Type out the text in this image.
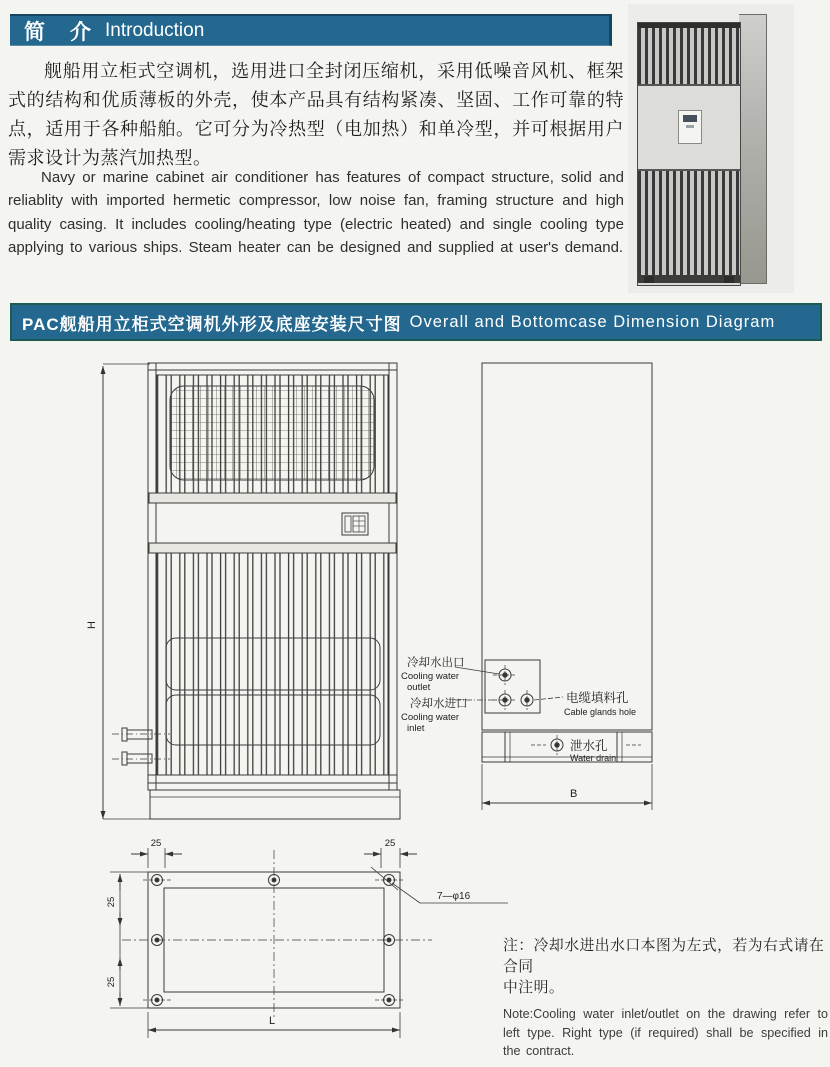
简　介 Introduction
舰船用立柜式空调机，选用进口全封闭压缩机，采用低噪音风机、框架式的结构和优质薄板的外壳，使本产品具有结构紧凑、坚固、工作可靠的特点，适用于各种船舶。它可分为冷热型（电加热）和单冷型，并可根据用户需求设计为蒸汽加热型。
Navy or marine cabinet air conditioner has features of compact structure, solid and reliablity with imported hermetic compressor, low noise fan, framing structure and high quality casing. It includes cooling/heating type (electric heated) and single cooling type applying to various ships. Steam heater can be designed and supplied at user's demand.
PAC舰船用立柜式空调机外形及底座安装尺寸图 Overall and Bottomcase Dimension Diagram
H
B
冷却水出口
Cooling water
outlet
冷却水进口
Cooling water
inlet
电缆填料孔
Cable glands hole
泄水孔
Water drain
25	25
25
25
L
7—φ16
注：冷却水进出水口本图为左式，若为右式请在合同
中注明。
Note:Cooling water inlet/outlet on the drawing refer to left type. Right type (if required) shall be specified in the contract.
